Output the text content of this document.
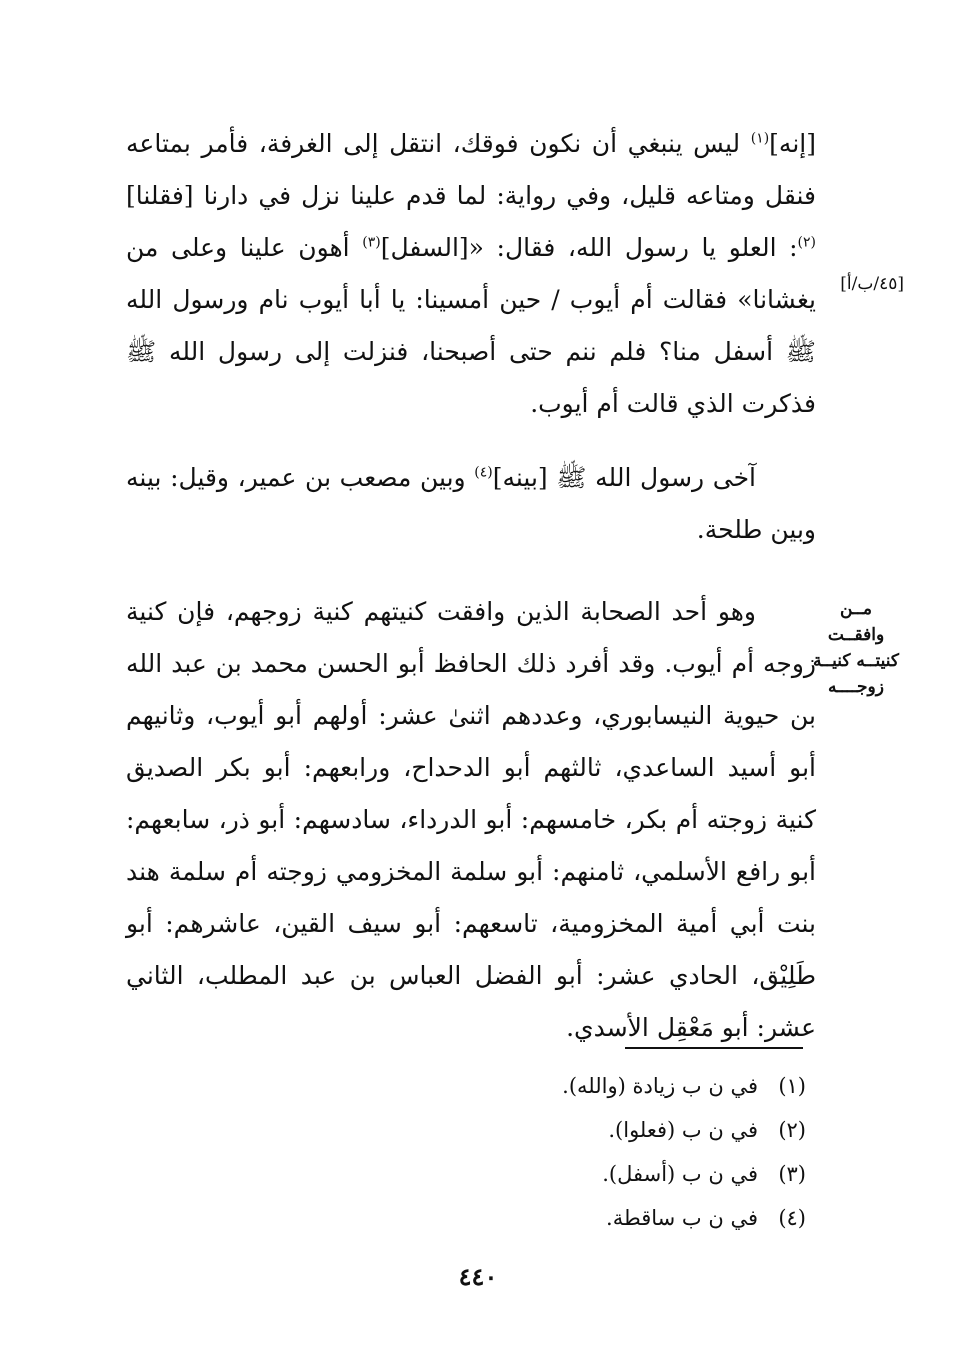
[٤٥/ب/أ]
مــن وافقــت كنيتــه كنيــة زوجــــه

[إنه]$^{(١)}$ ليس ينبغي أن نكون فوقك، انتقل إلى الغرفة، فأمر بمتاعه فنقل ومتاعه قليل، وفي رواية: لما قدم علينا نزل في دارنا [فقلنا]$^{(٢)}$: العلو يا رسول الله، فقال: «[السفل]$^{(٣)}$ أهون علينا وعلى من يغشانا» فقالت أم أيوب / حين أمسينا: يا أبا أيوب نام ورسول الله ﷺ أسفل منا؟ فلم ننم حتى أصبحنا، فنزلت إلى رسول الله ﷺ فذكرت الذي قالت أم أيوب.

آخى رسول الله ﷺ [بينه]$^{(٤)}$ وبين مصعب بن عمير، وقيل: بينه وبين طلحة.

وهو أحد الصحابة الذين وافقت كنيتهم كنية زوجهم، فإن كنية زوجه أم أيوب. وقد أفرد ذلك الحافظ أبو الحسن محمد بن عبد الله بن حيوية النيسابوري، وعددهم اثنىٰ عشر: أولهم أبو أيوب، وثانيهم أبو أسيد الساعدي، ثالثهم أبو الدحداح، ورابعهم: أبو بكر الصديق كنية زوجته أم بكر، خامسهم: أبو الدرداء، سادسهم: أبو ذر، سابعهم: أبو رافع الأسلمي، ثامنهم: أبو سلمة المخزومي زوجته أم سلمة هند بنت أبي أمية المخزومية، تاسعهم: أبو سيف القين، عاشرهم: أبو طَلِيْق، الحادي عشر: أبو الفضل العباس بن عبد المطلب، الثاني عشر: أبو مَعْقِل الأسدي.

(١)
في ن ب زيادة (والله).
(٢)
في ن ب (فعلوا).
(٣)
في ن ب (أسفل).
(٤)
في ن ب ساقطة.
٤٤٠
